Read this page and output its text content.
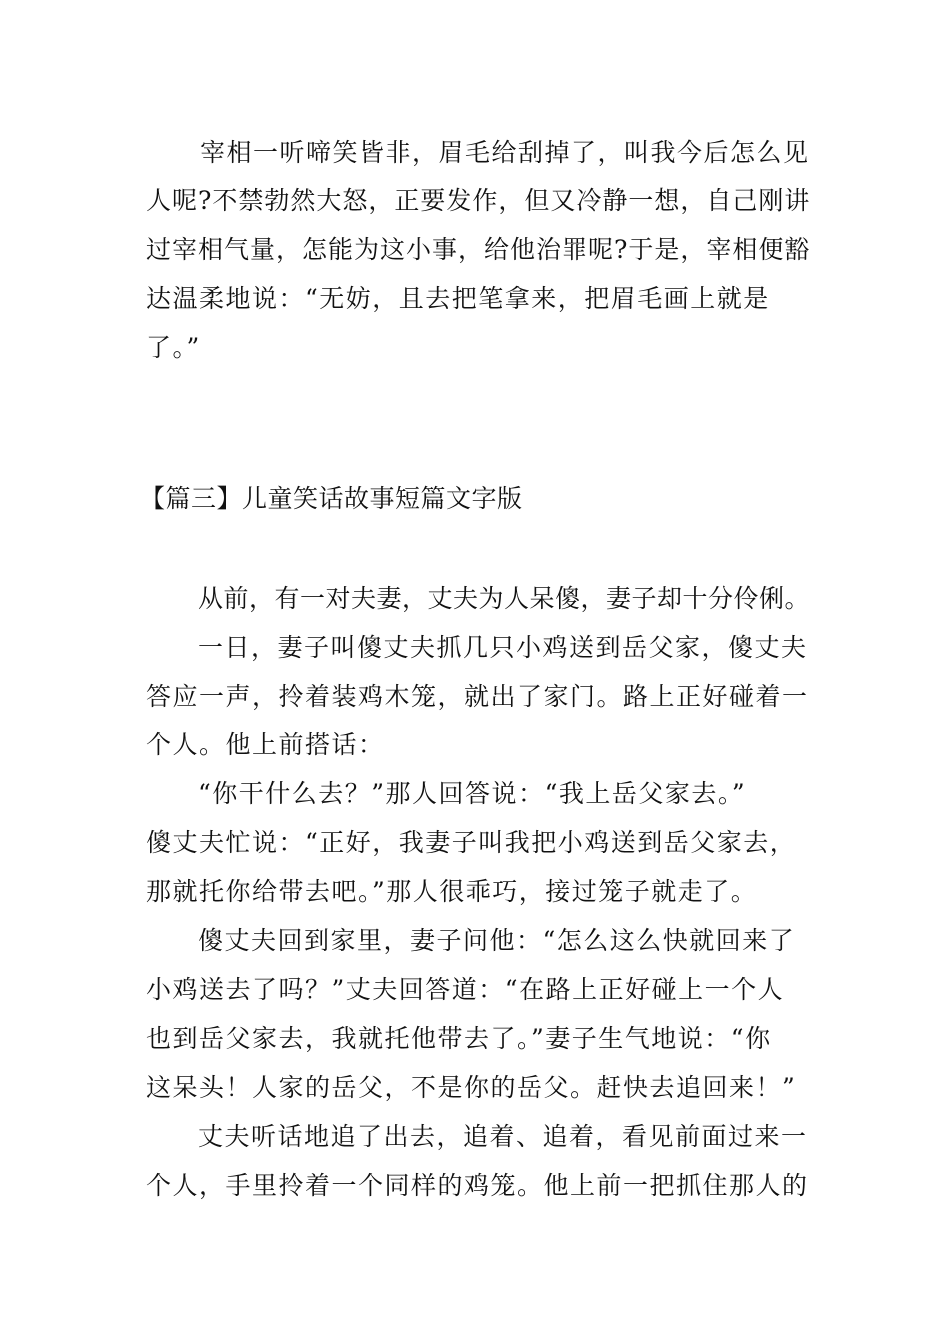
宰相一听啼笑皆非，眉毛给刮掉了，叫我今后怎么见

人呢?不禁勃然大怒，正要发作，但又冷静一想，自己刚讲

过宰相气量，怎能为这小事，给他治罪呢?于是，宰相便豁

达温柔地说：“无妨，且去把笔拿来，把眉毛画上就是

了。”

【篇三】儿童笑话故事短篇文字版

从前，有一对夫妻，丈夫为人呆傻，妻子却十分伶俐。

一日，妻子叫傻丈夫抓几只小鸡送到岳父家，傻丈夫

答应一声，拎着装鸡木笼，就出了家门。路上正好碰着一

个人。他上前搭话：

“你干什么去？”那人回答说：“我上岳父家去。”

傻丈夫忙说：“正好，我妻子叫我把小鸡送到岳父家去，

那就托你给带去吧。”那人很乖巧，接过笼子就走了。

傻丈夫回到家里，妻子问他：“怎么这么快就回来了

小鸡送去了吗？”丈夫回答道：“在路上正好碰上一个人

也到岳父家去，我就托他带去了。”妻子生气地说：“你

这呆头！人家的岳父，不是你的岳父。赶快去追回来！”

丈夫听话地追了出去，追着、追着，看见前面过来一

个人，手里拎着一个同样的鸡笼。他上前一把抓住那人的
